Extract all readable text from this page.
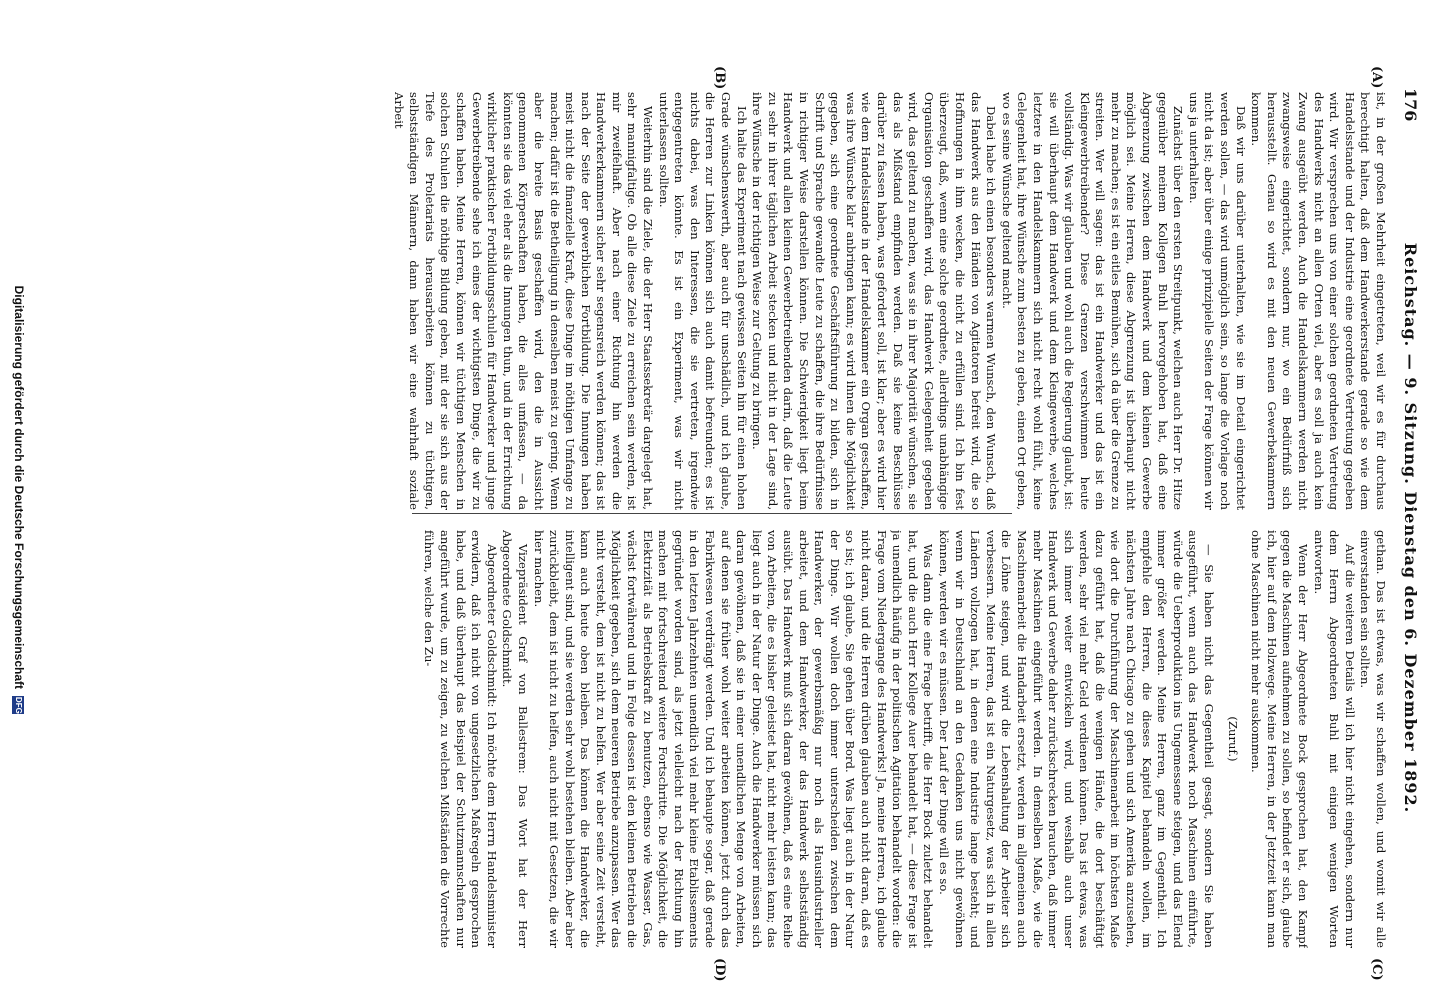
176
Reichstag. — 9. Sitzung. Dienstag den 6. Dezember 1892.
(A)
(B)
(C)
(D)

ist, in der großen Mehrheit eingetreten, weil wir es für durchaus berechtigt halten, daß dem Handwerkerstande gerade so wie dem Handelsstande und der Industrie eine geordnete Vertretung gegeben wird. Wir versprechen uns von einer solchen geordneten Vertretung des Handwerks nicht an allen Orten viel, aber es soll ja auch kein Zwang ausgeübt werden. Auch die Handelskammern werden nicht zwangsweise eingerichtet, sondern nur, wo ein Bedürfniß sich herausstellt. Genau so wird es mit den neuen Gewerbekammern kommen.

Daß wir uns darüber unterhalten, wie sie im Detail eingerichtet werden sollen, — das wird unmöglich sein, so lange die Vorlage noch nicht da ist; aber über einige prinzipielle Seiten der Frage können wir uns ja unterhalten.

Zunächst über den ersten Streitpunkt, welchen auch Herr Dr. Hitze gegenüber meinem Kollegen Buhl hervorgehoben hat, daß eine Abgrenzung zwischen dem Handwerk und dem kleinen Gewerbe möglich sei. Meine Herren, diese Abgrenzung ist überhaupt nicht mehr zu machen; es ist ein eitles Bemühen, sich da über die Grenze zu streiten. Wer will sagen: das ist ein Handwerker und das ist ein Kleingewerbtreibender? Diese Grenzen verschwimmen heute vollständig. Was wir glauben und wohl auch die Regierung glaubt, ist: sie will überhaupt dem Handwerk und dem Kleingewerbe, welches letztere in den Handelskammern sich nicht recht wohl fühlt, keine Gelegenheit hat, ihre Wünsche zum besten zu geben, einen Ort geben, wo es seine Wünsche geltend macht.

Dabei habe ich einen besonders warmen Wunsch, den Wunsch, daß das Handwerk aus den Händen von Agitatoren befreit wird, die so Hoffnungen in ihm wecken, die nicht zu erfüllen sind. Ich bin fest überzeugt, daß, wenn eine solche geordnete, allerdings unabhängige Organisation geschaffen wird, das Handwerk Gelegenheit gegeben wird, das geltend zu machen, was sie in ihrer Majorität wünschen, sie das als Mißstand empfinden werden. Daß sie keine Beschlüsse darüber zu fassen haben, was gefordert soll, ist klar; aber es wird hier wie dem Handelsstande in der Handelskammer ein Organ geschaffen, was ihre Wünsche klar anbringen kann; es wird ihnen die Möglichkeit gegeben, sich eine geordnete Geschäftsführung zu bilden, sich in Schrift und Sprache gewandte Leute zu schaffen, die ihre Bedürfnisse in richtiger Weise darstellen können. Die Schwierigkeit liegt beim Handwerk und allen kleinen Gewerbetreibenden darin, daß die Leute zu sehr in ihrer täglichen Arbeit stecken und nicht in der Lage sind, ihre Wünsche in der richtigen Weise zur Geltung zu bringen.

Ich halte das Experiment nach gewissen Seiten hin für einen hohen Grade wünschenswerth, aber auch für unschädlich, und ich glaube, die Herren zur Linken können sich auch damit befreunden; es ist nichts dabei, was den Interessen, die sie vertreten, irgendwie entgegentreten könnte. Es ist ein Experiment, was wir nicht unterlassen sollten.

Weiterhin sind die Ziele, die der Herr Staatssekretär dargelegt hat, sehr mannigfaltige. Ob alle diese Ziele zu erreichen sein werden, ist mir zweifelhaft. Aber nach einer Richtung hin werden die Handwerkerkammern sicher sehr segensreich werden können; das ist nach der Seite der gewerblichen Fortbildung. Die Innungen haben meist nicht die finanzielle Kraft, diese Dinge im nöthigen Umfange zu machen; dafür ist die Betheiligung in denselben meist zu gering. Wenn aber die breite Basis geschaffen wird, den die in Aussicht genommenen Körperschaften haben, die alles umfassen, — da könnten sie das viel eher als die Innungen thun, und in der Errichtung wirklicher praktischer Fortbildungsschulen für Handwerker und junge Gewerbetreibende sehe ich eines der wichtigsten Dinge, die wir zu schaffen haben. Meine Herren, können wir tüchtigen Menschen in solchen Schulen die nöthige Bildung geben, mit der sie sich aus der Tiefe des Proletariats herausarbeiten können zu tüchtigen, selbstständigen Männern, dann haben wir eine wahrhaft soziale Arbeit

gethan. Das ist etwas, was wir schaffen wollen, und womit wir alle einverstanden sein sollten.

Auf die weiteren Details will ich hier nicht eingehen, sondern nur dem Herrn Abgeordneten Buhl mit einigen wenigen Worten antworten.

Wenn der Herr Abgeordnete Bock gesprochen hat, den Kampf gegen die Maschinen aufnehmen zu sollen, so befindet er sich, glaube ich, hier auf dem Holzwege. Meine Herren, in der Jetztzeit kann man ohne Maschinen nicht mehr auskommen.

(Zuruf.)

— Sie haben nicht das Gegentheil gesagt, sondern Sie haben ausgeführt, wenn auch das Handwerk noch Maschinen einführte, würde die Ueberproduktion ins Ungemessene steigen, und das Elend immer größer werden. Meine Herren, ganz im Gegentheil. Ich empfehle den Herren, die dieses Kapitel behandeln wollen, im nächsten Jahre nach Chicago zu gehen und sich Amerika anzusehen, wie dort die Durchführung der Maschinenarbeit im höchsten Maße dazu geführt hat, daß die wenigen Hände, die dort beschäftigt werden, sehr viel mehr Geld verdienen können. Das ist etwas, was sich immer weiter entwickeln wird, und weshalb auch unser Handwerk und Gewerbe daher zurückschrecken brauchen, daß immer mehr Maschinen eingeführt werden. In demselben Maße, wie die Maschinenarbeit die Handarbeit ersetzt, werden im allgemeinen auch die Löhne steigen, und wird die Lebenshaltung der Arbeiter sich verbessern. Meine Herren, das ist ein Naturgesetz, was sich in allen Ländern vollzogen hat, in denen eine Industrie lange besteht; und wenn wir in Deutschland an den Gedanken uns nicht gewöhnen können, werden wir es müssen. Der Lauf der Dinge will es so.

Was dann die eine Frage betrifft, die Herr Bock zuletzt behandelt hat, und die auch Herr Kollege Auer behandelt hat, — diese Frage ist ja unendlich häufig in der politischen Agitation behandelt worden: die Frage vom Niedergange des Handwerks! Ja, meine Herren, ich glaube nicht daran, und die Herren drüben glauben auch nicht daran, daß es so ist; ich glaube, Sie gehen über Bord. Was liegt auch in der Natur der Dinge. Wir wollen doch immer unterscheiden zwischen dem Handwerker, der gewerbsmäßig nur noch als Hausindustrieller arbeitet, und dem Handwerker, der das Handwerk selbstständig ausübt. Das Handwerk muß sich daran gewöhnen, daß es eine Reihe von Arbeiten, die es bisher geleistet hat, nicht mehr leisten kann; das liegt auch in der Natur der Dinge. Auch die Handwerker müssen sich daran gewöhnen, daß sie in einer unendlichen Menge von Arbeiten, auf denen sie früher wohl weiter arbeiten können, jetzt durch das Fabrikwesen verdrängt werden. Und ich behaupte sogar, daß gerade in den letzten Jahrzehnten unendlich viel mehr kleine Etablissements gegründet worden sind, als jetzt vielleicht nach der Richtung hin machen mit fortschreitend weitere Fortschritte. Die Möglichkeit, die Elektrizität als Betriebskraft zu benutzen, ebenso wie Wasser, Gas, wächst fortwährend und in Folge dessen ist den kleinen Betrieben die Möglichkeit gegeben, sich dem neueren Betriebe anzupassen. Wer das nicht versteht, dem ist nicht zu helfen. Wer aber seine Zeit versteht, kann auch heute oben bleiben. Das können die Handwerker, die intelligent sind, und sie werden sehr wohl bestehen bleiben. Aber aber zurückbleibt, dem ist nicht zu helfen, auch nicht mit Gesetzen, die wir hier machen.

Vizepräsident Graf von Ballestrem: Das Wort hat der Herr Abgeordnete Goldschmidt.

Abgeordneter Goldschmidt: Ich möchte dem Herrn Handelsminister erwidern, daß ich nicht von ungesetzlichen Maßregeln gesprochen habe, und daß überhaupt das Beispiel der Schutzmannschaften nur angeführt wurde, um zu zeigen, zu welchen Mißständen die Vorrechte führen, welche den Zu-

Digitalisierung gefördert durch die Deutsche Forschungsgemeinschaft DFG
